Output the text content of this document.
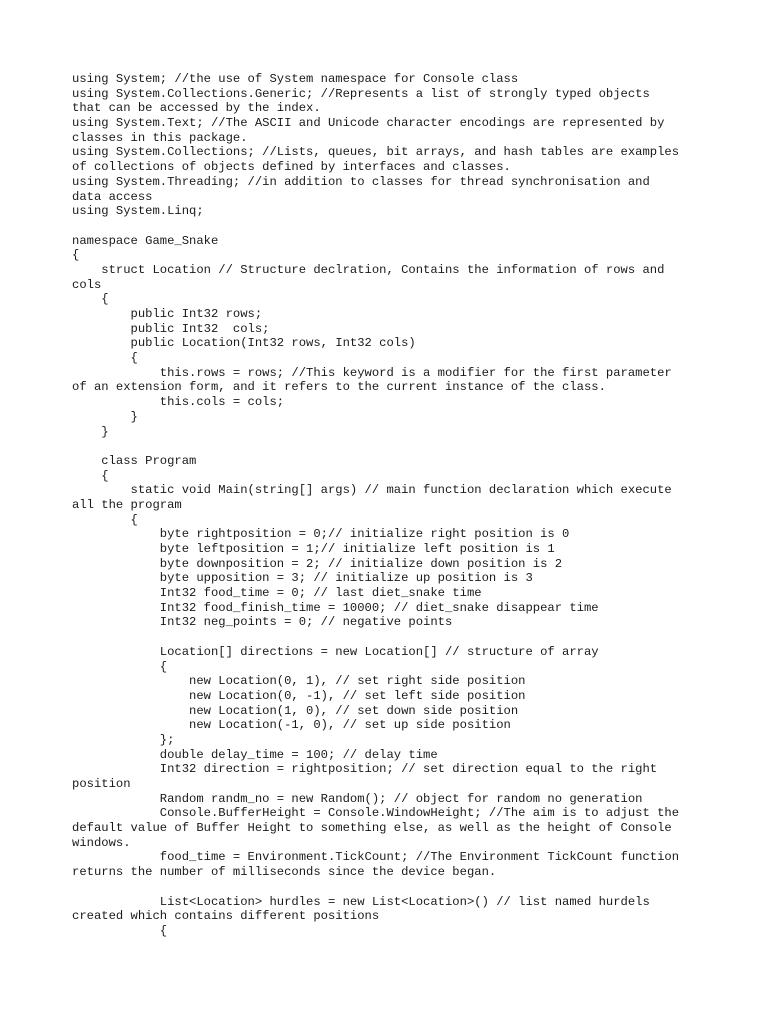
using System; //the use of System namespace for Console class
using System.Collections.Generic; //Represents a list of strongly typed objects
that can be accessed by the index.
using System.Text; //The ASCII and Unicode character encodings are represented by
classes in this package.
using System.Collections; //Lists, queues, bit arrays, and hash tables are examples
of collections of objects defined by interfaces and classes.
using System.Threading; //in addition to classes for thread synchronisation and
data access
using System.Linq;
namespace Game_Snake
{
struct Location // Structure declration, Contains the information of rows and
cols
{
public Int32 rows;
public Int32  cols;
public Location(Int32 rows, Int32 cols)
{
this.rows = rows; //This keyword is a modifier for the first parameter
of an extension form, and it refers to the current instance of the class.
this.cols = cols;
}
}
class Program
{
static void Main(string[] args) // main function declaration which execute
all the program
{
byte rightposition = 0;// initialize right position is 0
byte leftposition = 1;// initialize left position is 1
byte downposition = 2; // initialize down position is 2
byte upposition = 3; // initialize up position is 3
Int32 food_time = 0; // last diet_snake time
Int32 food_finish_time = 10000; // diet_snake disappear time
Int32 neg_points = 0; // negative points
Location[] directions = new Location[] // structure of array
{
new Location(0, 1), // set right side position
new Location(0, -1), // set left side position
new Location(1, 0), // set down side position
new Location(-1, 0), // set up side position
};
double delay_time = 100; // delay time
Int32 direction = rightposition; // set direction equal to the right
position
Random randm_no = new Random(); // object for random no generation
Console.BufferHeight = Console.WindowHeight; //The aim is to adjust the
default value of Buffer Height to something else, as well as the height of Console
windows.
food_time = Environment.TickCount; //The Environment TickCount function
returns the number of milliseconds since the device began.
List<Location> hurdles = new List<Location>() // list named hurdels
created which contains different positions
{
